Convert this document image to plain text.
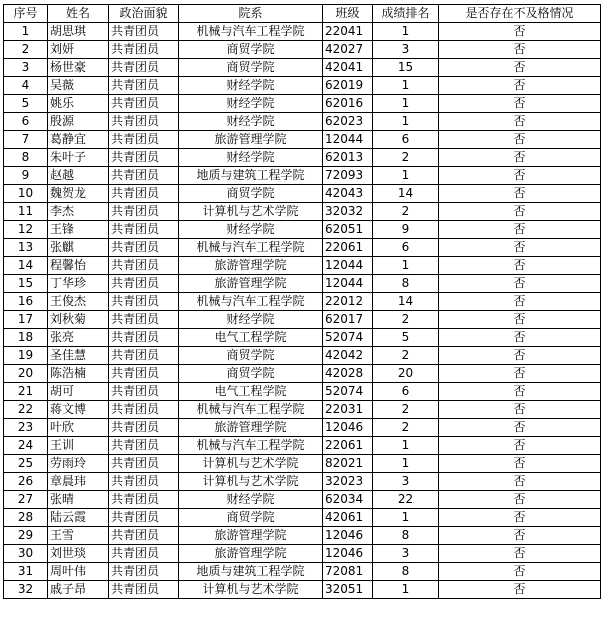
序号	姓名	政治面貌	院系	班级	成绩排名	是否存在不及格情况
1	胡思琪	共青团员	机械与汽车工程学院	22041	1	否
2	刘妍	共青团员	商贸学院	42027	3	否
3	杨世豪	共青团员	商贸学院	42041	15	否
4	吴薇	共青团员	财经学院	62019	1	否
5	姚乐	共青团员	财经学院	62016	1	否
6	殷源	共青团员	财经学院	62023	1	否
7	葛静宜	共青团员	旅游管理学院	12044	6	否
8	朱叶子	共青团员	财经学院	62013	2	否
9	赵越	共青团员	地质与建筑工程学院	72093	1	否
10	魏贺龙	共青团员	商贸学院	42043	14	否
11	李杰	共青团员	计算机与艺术学院	32032	2	否
12	王锋	共青团员	财经学院	62051	9	否
13	张麒	共青团员	机械与汽车工程学院	22061	6	否
14	程馨怡	共青团员	旅游管理学院	12044	1	否
15	丁华珍	共青团员	旅游管理学院	12044	8	否
16	王俊杰	共青团员	机械与汽车工程学院	22012	14	否
17	刘秋菊	共青团员	财经学院	62017	2	否
18	张亮	共青团员	电气工程学院	52074	5	否
19	圣佳慧	共青团员	商贸学院	42042	2	否
20	陈浩楠	共青团员	商贸学院	42028	20	否
21	胡可	共青团员	电气工程学院	52074	6	否
22	蒋文博	共青团员	机械与汽车工程学院	22031	2	否
23	叶欣	共青团员	旅游管理学院	12046	2	否
24	王训	共青团员	机械与汽车工程学院	22061	1	否
25	劳雨玲	共青团员	计算机与艺术学院	82021	1	否
26	章晨玮	共青团员	计算机与艺术学院	32023	3	否
27	张晴	共青团员	财经学院	62034	22	否
28	陆云霞	共青团员	商贸学院	42061	1	否
29	王雪	共青团员	旅游管理学院	12046	8	否
30	刘世琰	共青团员	旅游管理学院	12046	3	否
31	周叶伟	共青团员	地质与建筑工程学院	72081	8	否
32	戚子昂	共青团员	计算机与艺术学院	32051	1	否
